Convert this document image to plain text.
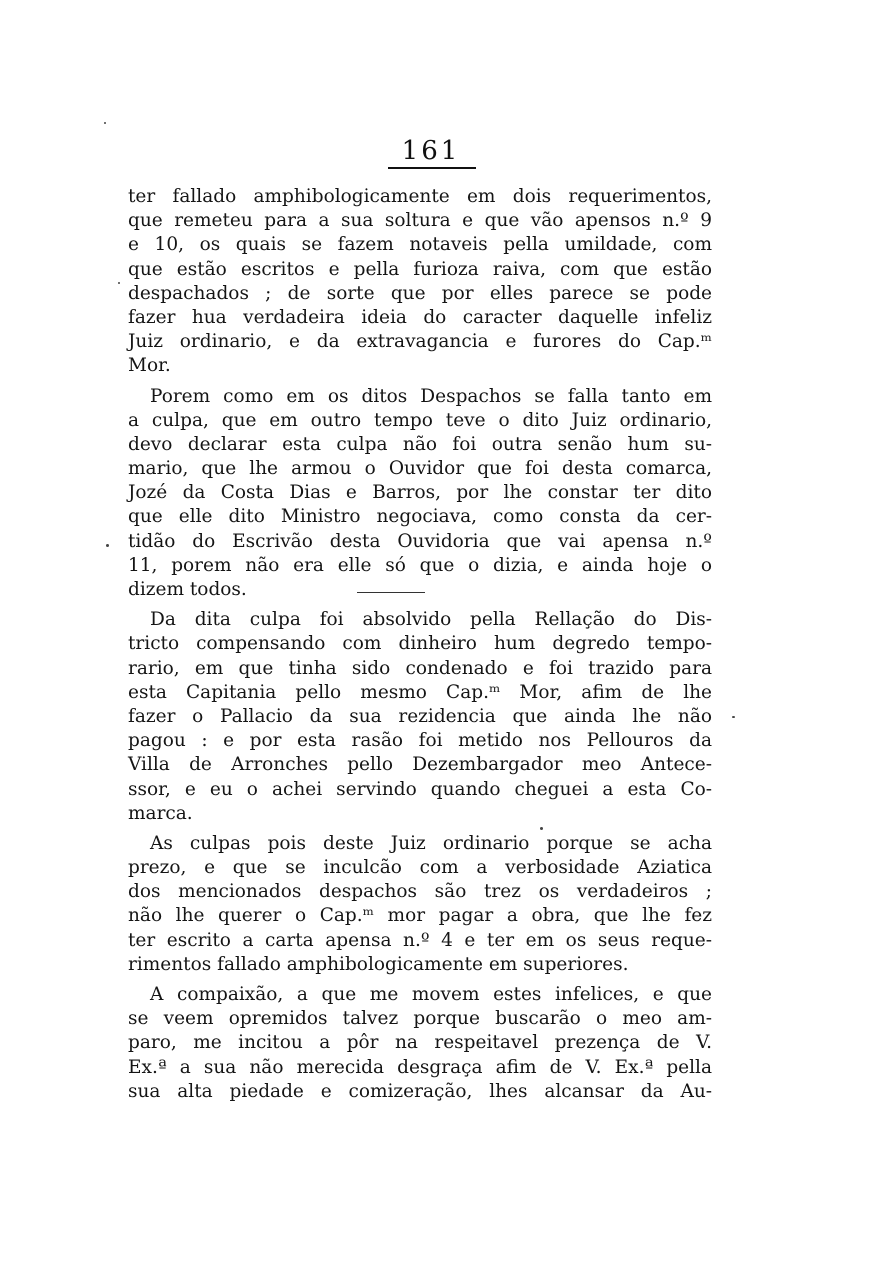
161
ter fallado amphibologicamente em dois requerimentos,
que remeteu para a sua soltura e que vão apensos n.º 9
e 10, os quais se fazem notaveis pella umildade, com
que estão escritos e pella furioza raiva, com que estão
despachados ; de sorte que por elles parece se pode
fazer hua verdadeira ideia do caracter daquelle infeliz
Juiz ordinario, e da extravagancia e furores do Cap.ᵐ
Mor.
Porem como em os ditos Despachos se falla tanto em
a culpa, que em outro tempo teve o dito Juiz ordinario,
devo declarar esta culpa não foi outra senão hum su-
mario, que lhe armou o Ouvidor que foi desta comarca,
Jozé da Costa Dias e Barros, por lhe constar ter dito
que elle dito Ministro negociava, como consta da cer-
tidão do Escrivão desta Ouvidoria que vai apensa n.º
11, porem não era elle só que o dizia, e ainda hoje o
dizem todos.
Da dita culpa foi absolvido pella Rellação do Dis-
tricto compensando com dinheiro hum degredo tempo-
rario, em que tinha sido condenado e foi trazido para
esta Capitania pello mesmo Cap.ᵐ Mor, afim de lhe
fazer o Pallacio da sua rezidencia que ainda lhe não
pagou : e por esta rasão foi metido nos Pellouros da
Villa de Arronches pello Dezembargador meo Antece-
ssor, e eu o achei servindo quando cheguei a esta Co-
marca.
As culpas pois deste Juiz ordinario porque se acha
prezo, e que se inculcão com a verbosidade Aziatica
dos mencionados despachos são trez os verdadeiros ;
não lhe querer o Cap.ᵐ mor pagar a obra, que lhe fez
ter escrito a carta apensa n.º 4 e ter em os seus reque-
rimentos fallado amphibologicamente em superiores.
A compaixão, a que me movem estes infelices, e que
se veem opremidos talvez porque buscarão o meo am-
paro, me incitou a pôr na respeitavel prezença de V.
Ex.ª a sua não merecida desgraça afim de V. Ex.ª pella
sua alta piedade e comizeração, lhes alcansar da Au-
